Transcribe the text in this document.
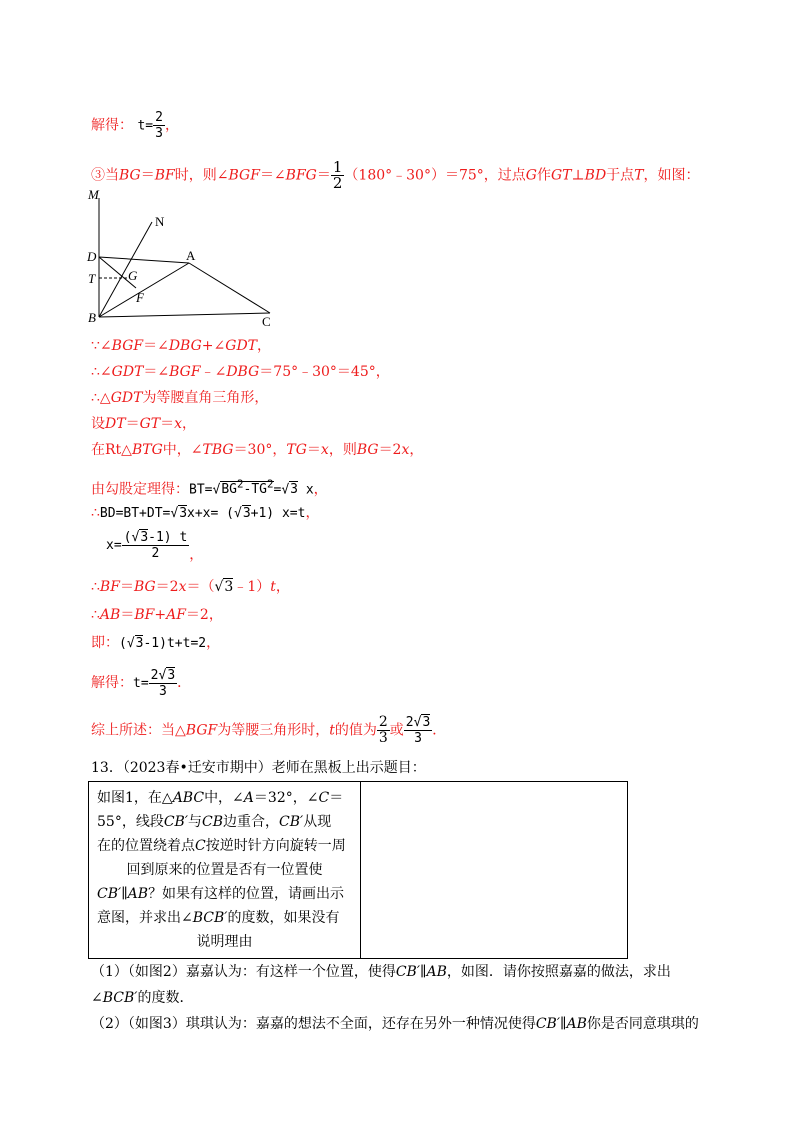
解得： $t= \frac{2}{3}$ ，
③当BG＝BF时，则∠BGF＝∠BFG＝ $\frac{1}{2}$ （180°﹣30°）＝75°，过点G作GT⊥BD于点T，如图：
M
N
D	A
T	G
F
B	C
∵∠BGF＝∠DBG+∠GDT，
∴∠GDT＝∠BGF﹣∠DBG＝75°﹣30°＝45°，
∴△GDT为等腰直角三角形，
设DT＝GT＝x，
在Rt△BTG中，∠TBG＝30°，TG＝x，则BG＝2x，
由勾股定理得：$BT=√BG^2-TG^2=√3$ x，
∴BD=BT+DT=√3x+x= (√3+1) x=t，
$x= \frac{(√3-1) t}{2}$ ，
∴BF＝BG＝2x＝（√3﹣1）t，
∴AB＝BF+AF＝2，
即：(√3-1)t+t=2，
解得：$t= \frac{2√3}{3}$ ．
综上所述：当△BGF为等腰三角形时，t的值为 $\frac{2}{3}$ 或 $\frac{2√3}{3}$ ．
13．（2023春•迁安市期中）老师在黑板上出示题目：
如图1，在△ABC中，∠A＝32°，∠C＝
55°，线段CB′与CB边重合，CB′从现
在的位置绕着点C按逆时针方向旋转一周
回到原来的位置是否有一位置使
CB′∥AB？如果有这样的位置，请画出示
意图，并求出∠BCB′的度数，如果没有
说明理由

（1）（如图2）嘉嘉认为：有这样一个位置，使得CB′∥AB，如图．请你按照嘉嘉的做法，求出
∠BCB′的度数．
（2）（如图3）琪琪认为：嘉嘉的想法不全面，还存在另外一种情况使得CB′∥AB你是否同意琪琪的
